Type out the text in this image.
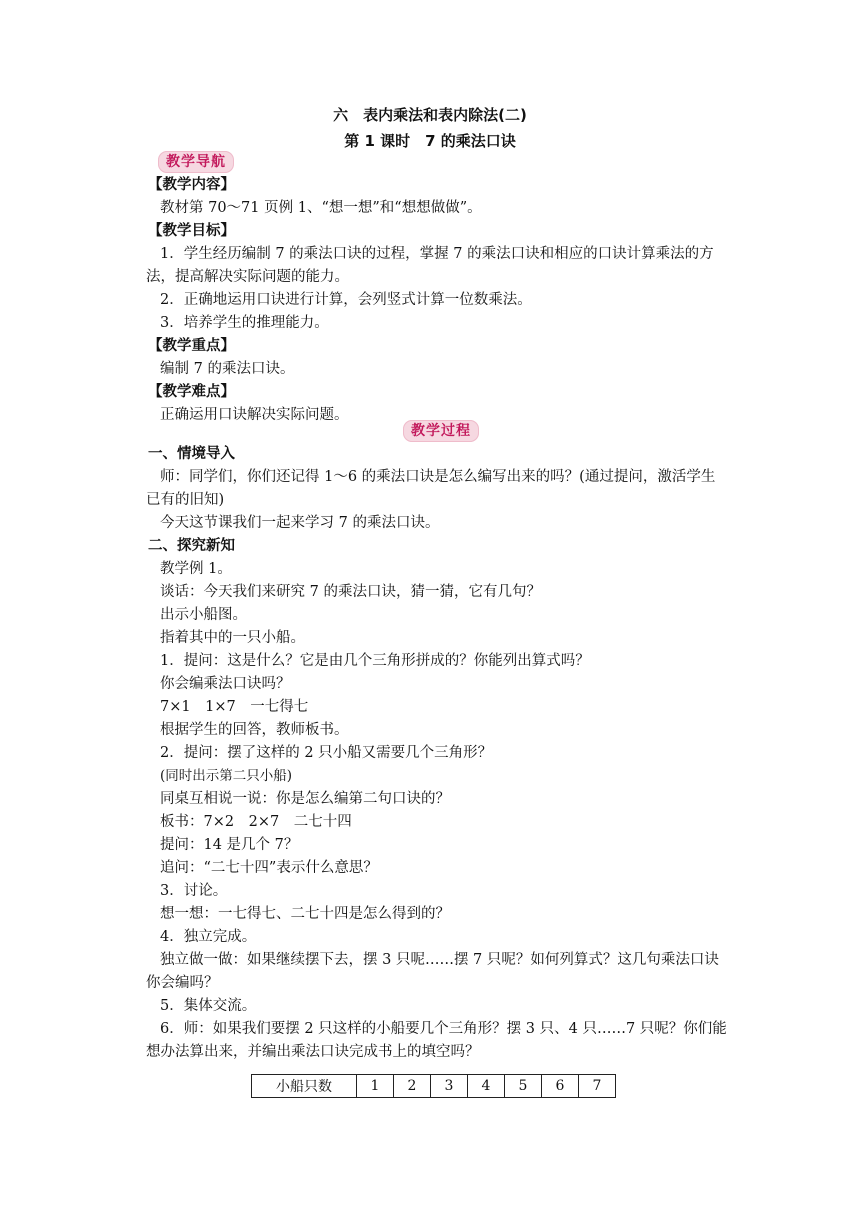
六　表内乘法和表内除法(二)
第 1 课时　7 的乘法口诀
教学导航
【教学内容】
教材第 70～71 页例 1、“想一想”和“想想做做”。
【教学目标】
1．学生经历编制 7 的乘法口诀的过程，掌握 7 的乘法口诀和相应的口诀计算乘法的方
法，提高解决实际问题的能力。
2．正确地运用口诀进行计算，会列竖式计算一位数乘法。
3．培养学生的推理能力。
【教学重点】
编制 7 的乘法口诀。
【教学难点】
正确运用口诀解决实际问题。
教学过程
一、情境导入
师：同学们，你们还记得 1～6 的乘法口诀是怎么编写出来的吗？(通过提问，激活学生
已有的旧知)
今天这节课我们一起来学习 7 的乘法口诀。
二、探究新知
教学例 1。
谈话：今天我们来研究 7 的乘法口诀，猜一猜，它有几句？
出示小船图。
指着其中的一只小船。
1．提问：这是什么？它是由几个三角形拼成的？你能列出算式吗？
你会编乘法口诀吗？
7×1　1×7　一七得七
根据学生的回答，教师板书。
2．提问：摆了这样的 2 只小船又需要几个三角形？
(同时出示第二只小船)
同桌互相说一说：你是怎么编第二句口诀的？
板书：7×2　2×7　二七十四
提问：14 是几个 7？
追问：“二七十四”表示什么意思？
3．讨论。
想一想：一七得七、二七十四是怎么得到的？
4．独立完成。
独立做一做：如果继续摆下去，摆 3 只呢……摆 7 只呢？如何列算式？这几句乘法口诀
你会编吗？
5．集体交流。
6．师：如果我们要摆 2 只这样的小船要几个三角形？摆 3 只、4 只……7 只呢？你们能
想办法算出来，并编出乘法口诀完成书上的填空吗？
小船只数	1	2	3	4	5	6	7
